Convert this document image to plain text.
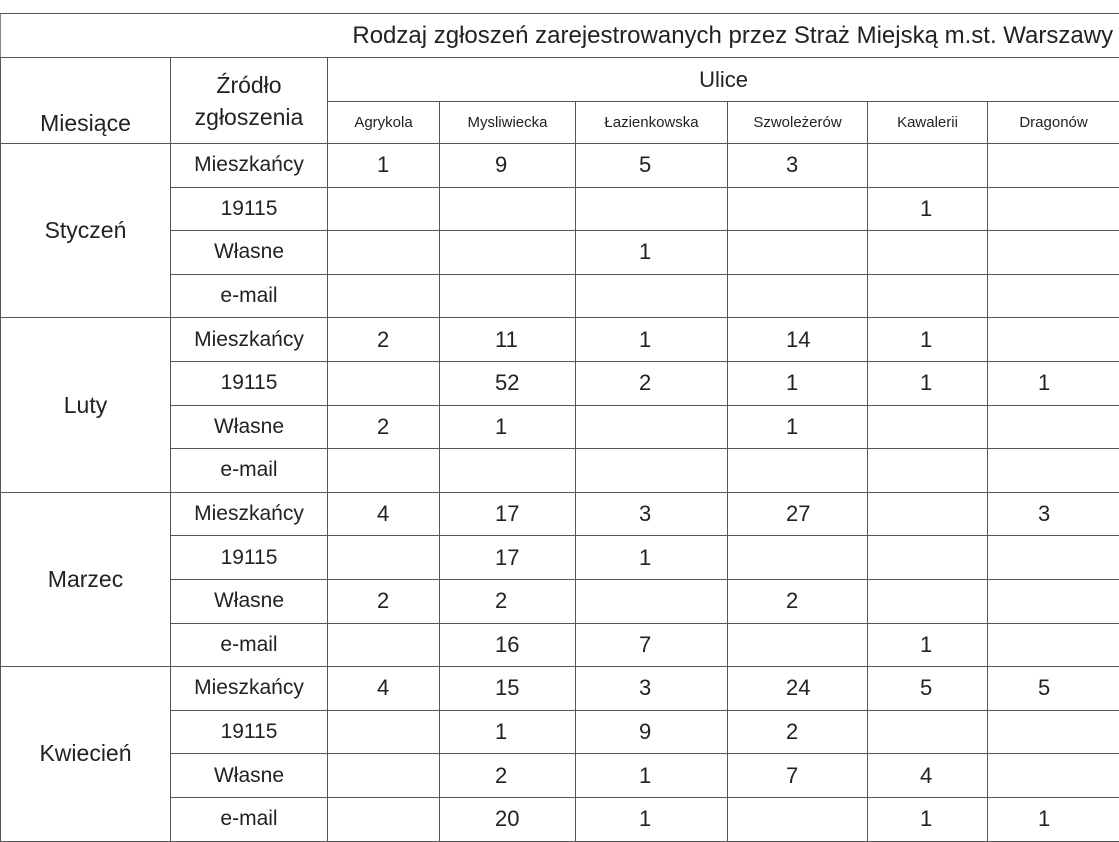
Rodzaj zgłoszeń zarejestrowanych przez Straż Miejską m.st. Warszawy							
Miesiące	Źródło
zgłoszenia	Ulice					
		Agrykola	Mysliwiecka	Łazienkowska	Szwoleżerów	Kawalerii	Dragonów
Styczeń	Mieszkańcy	1	9	5	3		
	19115					1	
	Własne			1			
	e-mail						
Luty	Mieszkańcy	2	11	1	14	1	
	19115		52	2	1	1	1
	Własne	2	1		1		
	e-mail						
Marzec	Mieszkańcy	4	17	3	27		3
	19115		17	1			
	Własne	2	2		2		
	e-mail		16	7		1	
Kwiecień	Mieszkańcy	4	15	3	24	5	5
	19115		1	9	2		
	Własne		2	1	7	4	
	e-mail		20	1		1	1
